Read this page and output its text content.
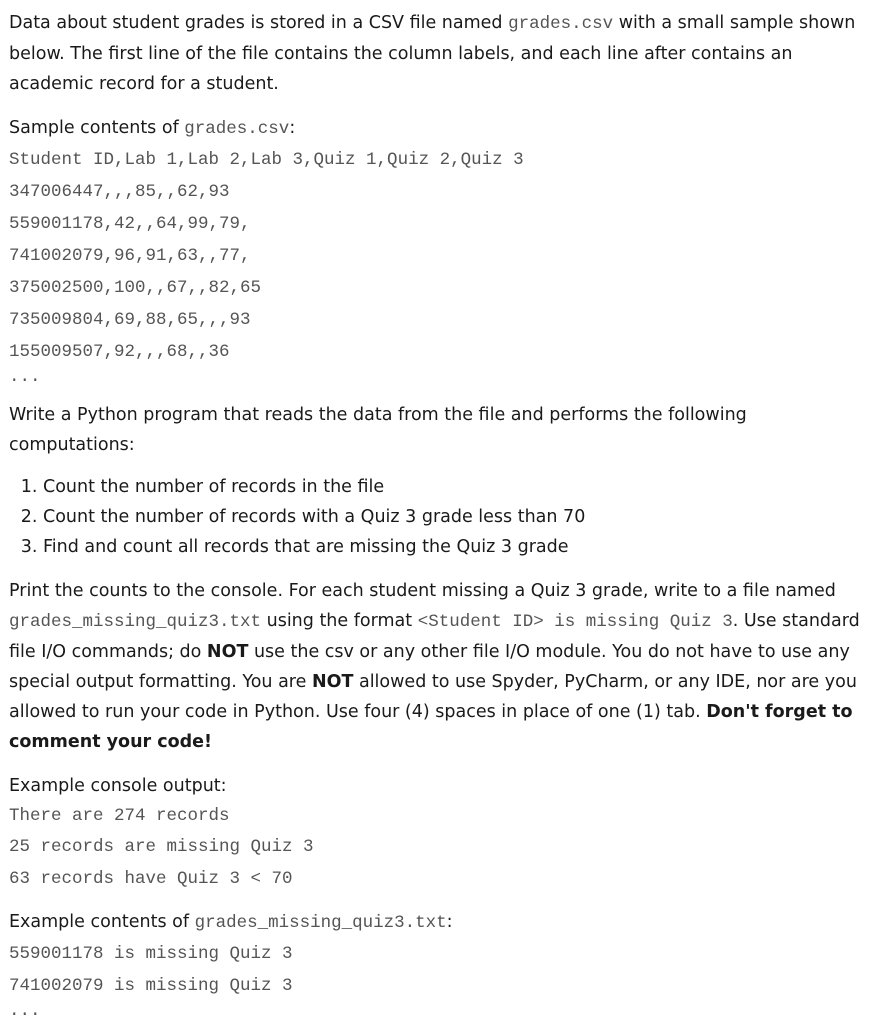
Data about student grades is stored in a CSV file named grades.csv with a small sample shown below. The first line of the file contains the column labels, and each line after contains an academic record for a student.

Sample contents of grades.csv:

Student ID,Lab 1,Lab 2,Lab 3,Quiz 1,Quiz 2,Quiz 3
347006447,,,85,,62,93
559001178,42,,64,99,79,
741002079,96,91,63,,77,
375002500,100,,67,,82,65
735009804,69,88,65,,,93
155009507,92,,,68,,36
...

Write a Python program that reads the data from the file and performs the following computations:

1. Count the number of records in the file
2. Count the number of records with a Quiz 3 grade less than 70
3. Find and count all records that are missing the Quiz 3 grade

Print the counts to the console. For each student missing a Quiz 3 grade, write to a file named grades_missing_quiz3.txt using the format <Student ID> is missing Quiz 3. Use standard file I/O commands; do NOT use the csv or any other file I/O module. You do not have to use any special output formatting. You are NOT allowed to use Spyder, PyCharm, or any IDE, nor are you allowed to run your code in Python. Use four (4) spaces in place of one (1) tab. Don't forget to comment your code!

Example console output:

There are 274 records
25 records are missing Quiz 3
63 records have Quiz 3 < 70

Example contents of grades_missing_quiz3.txt:

559001178 is missing Quiz 3
741002079 is missing Quiz 3
...
